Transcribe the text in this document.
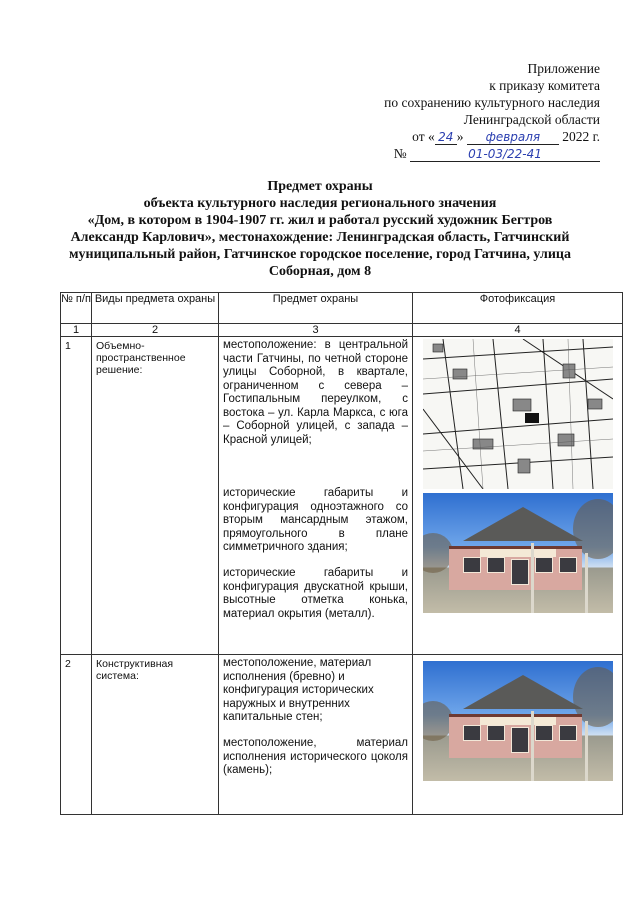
Приложение
к приказу комитета
по сохранению культурного наследия
Ленинградской области
от « 24 » февраля 2022 г.
№	01-03/22-41
Предмет охраны
объекта культурного наследия регионального значения
«Дом, в котором в 1904-1907 гг. жил и работал русский художник Бегтров
Александр Карлович», местонахождение: Ленинградская область, Гатчинский
муниципальный район, Гатчинское городское поселение, город Гатчина, улица
Соборная, дом 8
№ п/п	Виды предмета охраны	Предмет охраны	Фотофиксация
1	2	3	4
1	Объемно-пространственное решение:	местоположение: в центральной части Гатчины, по четной стороне улицы Соборной, в квартале, ограниченном с севера – Гостипальным переулком, с востока – ул. Карла Маркса, с юга – Соборной улицей, с запада – Красной улицей;

исторические габариты и конфигурация одноэтажного со вторым мансардным этажом, прямоугольного в плане симметричного здания;

исторические габариты и конфигурация двускатной крыши, высотные отметка конька, материал окрытия (металл).

2	Конструктивная система:	местоположение, материал исполнения (бревно) и конфигурация исторических наружных и внутренних капитальные стен;

местоположение, материал исполнения исторического цоколя (камень);	
